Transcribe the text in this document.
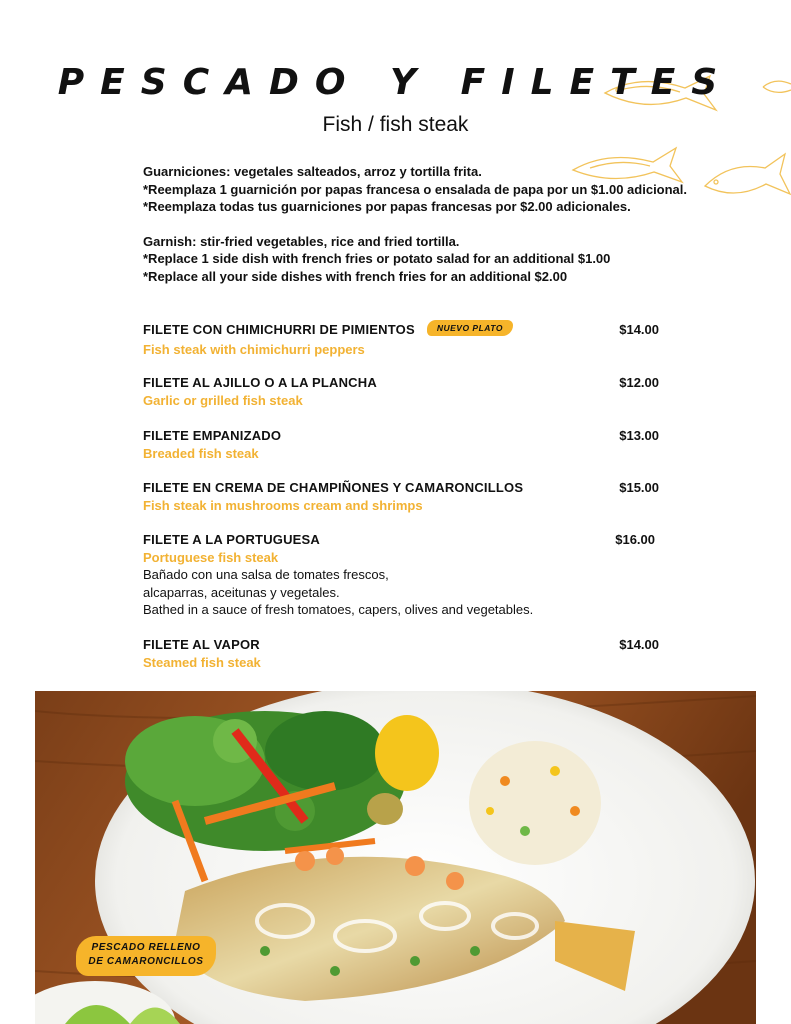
PESCADO Y FILETES
Fish / fish steak

Guarniciones: vegetales salteados, arroz y tortilla frita.

*Reemplaza 1 guarnición por papas francesa o ensalada de papa por un $1.00 adicional.

*Reemplaza todas tus guarniciones por papas francesas por $2.00 adicionales.

Garnish: stir-fried vegetables, rice and fried tortilla.

*Replace 1 side dish with french fries or potato salad for an additional $1.00

*Replace all your side dishes with french fries for an additional $2.00

FILETE CON CHIMICHURRI DE PIMIENTOS	NUEVO PLATO
Fish steak with chimichurri peppers
$14.00
FILETE AL AJILLO O A LA PLANCHA
Garlic or grilled fish steak
$12.00
FILETE EMPANIZADO
Breaded fish steak
$13.00
FILETE EN CREMA DE CHAMPIÑONES Y CAMARONCILLOS
Fish steak in mushrooms cream and shrimps
$15.00
FILETE A LA PORTUGUESA
Portuguese fish steak
Bañado con una salsa de tomates frescos,
alcaparras, aceitunas y vegetales.
Bathed in a sauce of fresh tomatoes, capers, olives and vegetables.
$16.00
FILETE AL VAPOR
Steamed fish steak
$14.00
PESCADO RELLENO
DE CAMARONCILLOS
